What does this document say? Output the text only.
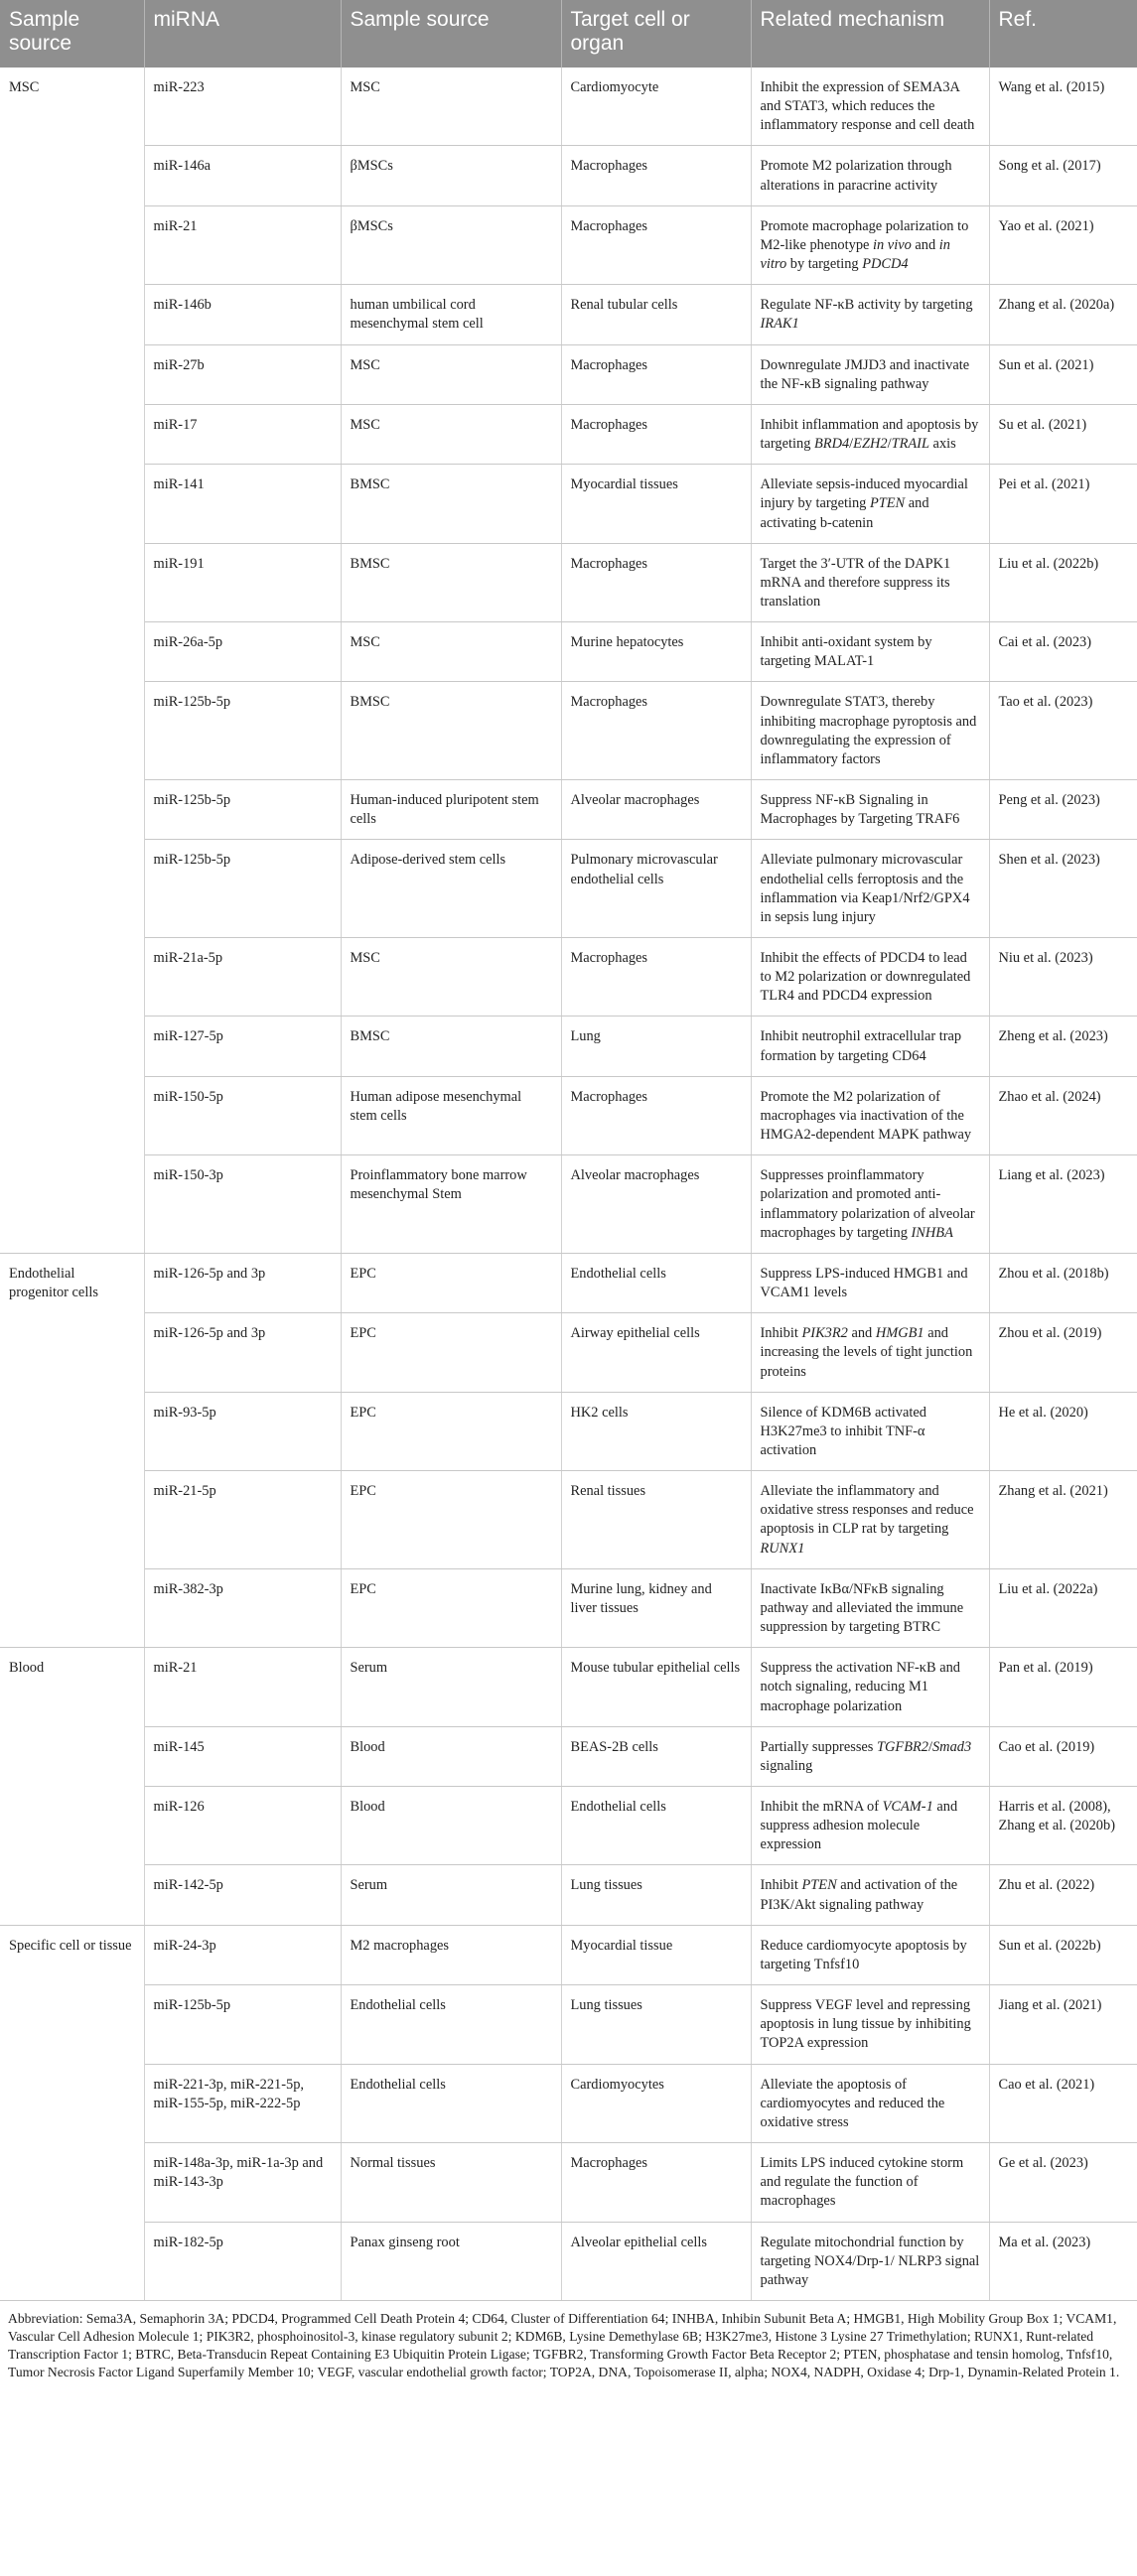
Sample source	miRNA	Sample source	Target cell or organ	Related mechanism	Ref.
MSC	miR-223	MSC	Cardiomyocyte	Inhibit the expression of SEMA3A and STAT3, which reduces the inflammatory response and cell death	Wang et al. (2015)
	miR-146a	βMSCs	Macrophages	Promote M2 polarization through alterations in paracrine activity	Song et al. (2017)
	miR-21	βMSCs	Macrophages	Promote macrophage polarization to M2-like phenotype in vivo and in vitro by targeting PDCD4	Yao et al. (2021)
	miR-146b	human umbilical cord mesenchymal stem cell	Renal tubular cells	Regulate NF-κB activity by targeting IRAK1	Zhang et al. (2020a)
	miR-27b	MSC	Macrophages	Downregulate JMJD3 and inactivate the NF-κB signaling pathway	Sun et al. (2021)
	miR-17	MSC	Macrophages	Inhibit inflammation and apoptosis by targeting BRD4/EZH2/TRAIL axis	Su et al. (2021)
	miR-141	BMSC	Myocardial tissues	Alleviate sepsis-induced myocardial injury by targeting PTEN and activating b-catenin	Pei et al. (2021)
	miR-191	BMSC	Macrophages	Target the 3′-UTR of the DAPK1 mRNA and therefore suppress its translation	Liu et al. (2022b)
	miR-26a-5p	MSC	Murine hepatocytes	Inhibit anti-oxidant system by targeting MALAT-1	Cai et al. (2023)
	miR-125b-5p	BMSC	Macrophages	Downregulate STAT3, thereby inhibiting macrophage pyroptosis and downregulating the expression of inflammatory factors	Tao et al. (2023)
	miR-125b-5p	Human-induced pluripotent stem cells	Alveolar macrophages	Suppress NF-κB Signaling in Macrophages by Targeting TRAF6	Peng et al. (2023)
	miR-125b-5p	Adipose-derived stem cells	Pulmonary microvascular endothelial cells	Alleviate pulmonary microvascular endothelial cells ferroptosis and the inflammation via Keap1/Nrf2/GPX4 in sepsis lung injury	Shen et al. (2023)
	miR-21a-5p	MSC	Macrophages	Inhibit the effects of PDCD4 to lead to M2 polarization or downregulated TLR4 and PDCD4 expression	Niu et al. (2023)
	miR-127-5p	BMSC	Lung	Inhibit neutrophil extracellular trap formation by targeting CD64	Zheng et al. (2023)
	miR-150-5p	Human adipose mesenchymal stem cells	Macrophages	Promote the M2 polarization of macrophages via inactivation of the HMGA2-dependent MAPK pathway	Zhao et al. (2024)
	miR-150-3p	Proinflammatory bone marrow mesenchymal Stem	Alveolar macrophages	Suppresses proinflammatory polarization and promoted anti-inflammatory polarization of alveolar macrophages by targeting INHBA	Liang et al. (2023)
Endothelial progenitor cells	miR-126-5p and 3p	EPC	Endothelial cells	Suppress LPS-induced HMGB1 and VCAM1 levels	Zhou et al. (2018b)
	miR-126-5p and 3p	EPC	Airway epithelial cells	Inhibit PIK3R2 and HMGB1 and increasing the levels of tight junction proteins	Zhou et al. (2019)
	miR-93-5p	EPC	HK2 cells	Silence of KDM6B activated H3K27me3 to inhibit TNF-α activation	He et al. (2020)
	miR-21-5p	EPC	Renal tissues	Alleviate the inflammatory and oxidative stress responses and reduce apoptosis in CLP rat by targeting RUNX1	Zhang et al. (2021)
	miR-382-3p	EPC	Murine lung, kidney and liver tissues	Inactivate IκBα/NFκB signaling pathway and alleviated the immune suppression by targeting BTRC	Liu et al. (2022a)
Blood	miR-21	Serum	Mouse tubular epithelial cells	Suppress the activation NF-κB and notch signaling, reducing M1 macrophage polarization	Pan et al. (2019)
	miR-145	Blood	BEAS-2B cells	Partially suppresses TGFBR2/Smad3 signaling	Cao et al. (2019)
	miR-126	Blood	Endothelial cells	Inhibit the mRNA of VCAM-1 and suppress adhesion molecule expression	Harris et al. (2008), Zhang et al. (2020b)
	miR-142-5p	Serum	Lung tissues	Inhibit PTEN and activation of the PI3K/Akt signaling pathway	Zhu et al. (2022)
Specific cell or tissue	miR-24-3p	M2 macrophages	Myocardial tissue	Reduce cardiomyocyte apoptosis by targeting Tnfsf10	Sun et al. (2022b)
	miR-125b-5p	Endothelial cells	Lung tissues	Suppress VEGF level and repressing apoptosis in lung tissue by inhibiting TOP2A expression	Jiang et al. (2021)
	miR-221-3p, miR-221-5p, miR-155-5p, miR-222-5p	Endothelial cells	Cardiomyocytes	Alleviate the apoptosis of cardiomyocytes and reduced the oxidative stress	Cao et al. (2021)
	miR-148a-3p, miR-1a-3p and miR-143-3p	Normal tissues	Macrophages	Limits LPS induced cytokine storm and regulate the function of macrophages	Ge et al. (2023)
	miR-182-5p	Panax ginseng root	Alveolar epithelial cells	Regulate mitochondrial function by targeting NOX4/Drp-1/ NLRP3 signal pathway	Ma et al. (2023)
Abbreviation: Sema3A, Semaphorin 3A; PDCD4, Programmed Cell Death Protein 4; CD64, Cluster of Differentiation 64; INHBA, Inhibin Subunit Beta A; HMGB1, High Mobility Group Box 1; VCAM1, Vascular Cell Adhesion Molecule 1; PIK3R2, phosphoinositol-3, kinase regulatory subunit 2; KDM6B, Lysine Demethylase 6B; H3K27me3, Histone 3 Lysine 27 Trimethylation; RUNX1, Runt-related Transcription Factor 1; BTRC, Beta-Transducin Repeat Containing E3 Ubiquitin Protein Ligase; TGFBR2, Transforming Growth Factor Beta Receptor 2; PTEN, phosphatase and tensin homolog, Tnfsf10, Tumor Necrosis Factor Ligand Superfamily Member 10; VEGF, vascular endothelial growth factor; TOP2A, DNA, Topoisomerase II, alpha; NOX4, NADPH, Oxidase 4; Drp-1, Dynamin-Related Protein 1.
